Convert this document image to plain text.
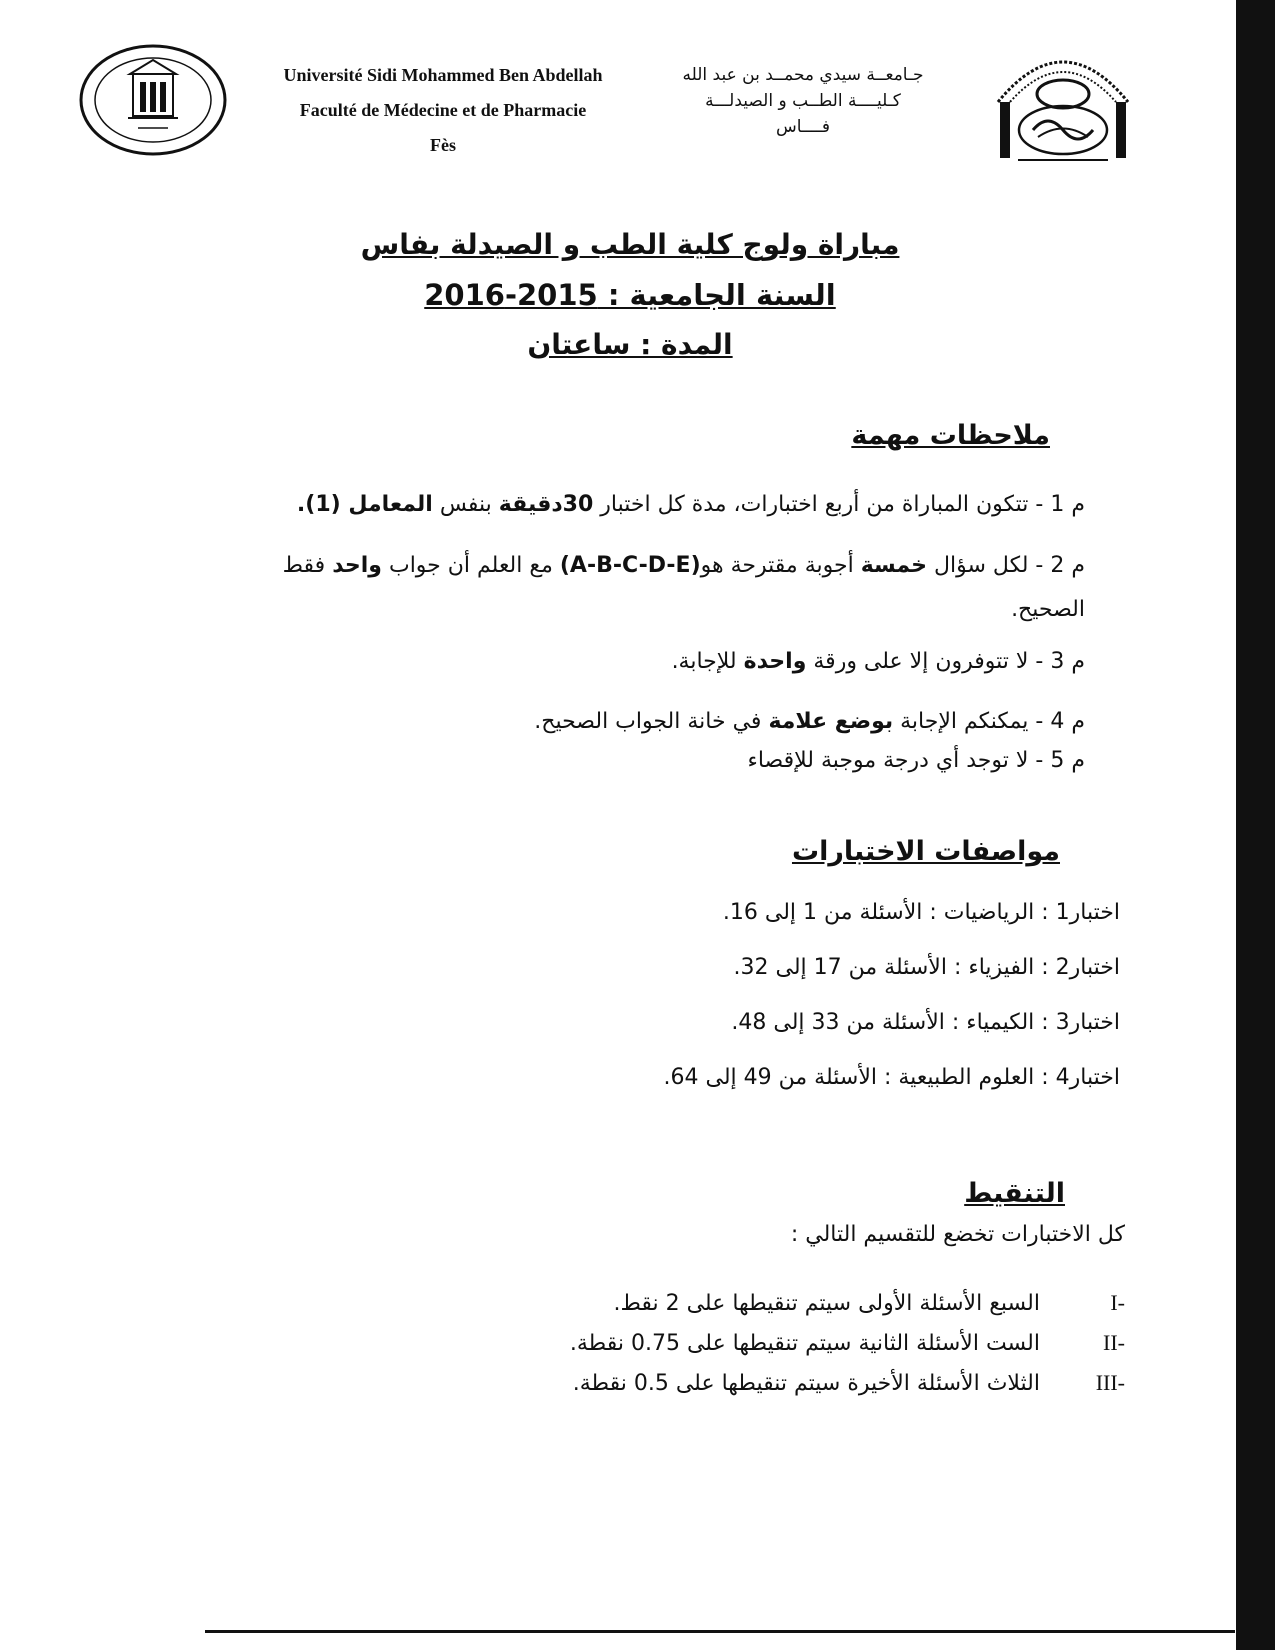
Université Sidi Mohammed Ben Abdellah
Faculté de Médecine et de Pharmacie
Fès
جـامعــة سيدي محمــد بن عبد الله
كـليــــة الطــب و الصيدلـــة
فــــاس
مباراة ولوج كلية الطب و الصيدلة بفاس
السنة الجامعية : 2015-2016
المدة : ساعتان
ملاحظات مهمة
م 1 - تتكون المباراة من أربع اختبارات، مدة كل اختبار 30دقيقة بنفس المعامل (1).
م 2 - لكل سؤال خمسة أجوبة مقترحة هو(A-B-C-D-E) مع العلم أن جواب واحد فقط الصحيح.
م 3 - لا تتوفرون إلا على ورقة واحدة للإجابة.
م 4 - يمكنكم الإجابة بوضع علامة في خانة الجواب الصحيح.
م 5 - لا توجد أي درجة موجبة للإقصاء
مواصفات الاختبارات
اختبار1 : الرياضيات : الأسئلة من 1 إلى 16.
اختبار2 : الفيزياء : الأسئلة من 17 إلى 32.
اختبار3 : الكيمياء : الأسئلة من 33 إلى 48.
اختبار4 : العلوم الطبيعية : الأسئلة من 49 إلى 64.
التنقيط
كل الاختبارات تخضع للتقسيم التالي :
-Iالسبع الأسئلة الأولى سيتم تنقيطها على 2 نقط.
-IIالست الأسئلة الثانية سيتم تنقيطها على 0.75 نقطة.
-IIIالثلاث الأسئلة الأخيرة سيتم تنقيطها على 0.5 نقطة.
